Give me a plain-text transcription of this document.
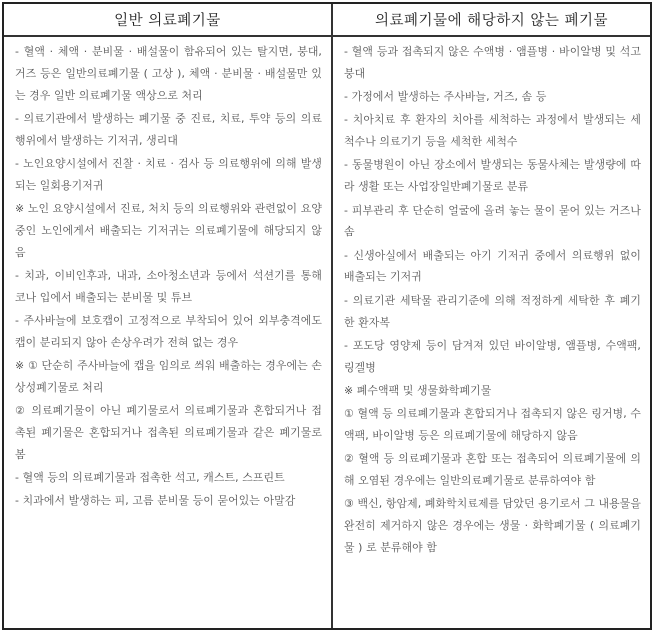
일반 의료폐기물	의료폐기물에 해당하지 않는 폐기물

- 혈액 · 체액 · 분비물 · 배설물이 함유되어 있는 탈지면, 붕대, 거즈 등은 일반의료폐기물 ( 고상 ), 체액 · 분비물 · 배설물만 있는 경우 일반 의료폐기물 액상으로 처리

- 의료기관에서 발생하는 폐기물 중 진료, 치료, 투약 등의 의료행위에서 발생하는 기저귀, 생리대

- 노인요양시설에서 진찰 · 치료 · 검사 등 의료행위에 의해 발생되는 일회용기저귀

※ 노인 요양시설에서 진료, 처치 등의 의료행위와 관련없이 요양 중인 노인에게서 배출되는 기저귀는 의료폐기물에 해당되지 않음

- 치과, 이비인후과, 내과, 소아청소년과 등에서 석션기를 통해 코나 입에서 배출되는 분비물 및 튜브

- 주사바늘에 보호캡이 고정적으로 부착되어 있어 외부충격에도 캡이 분리되지 않아 손상우려가 전혀 없는 경우

※ ① 단순히 주사바늘에 캡을 임의로 씌워 배출하는 경우에는 손상성폐기물로 처리

② 의료폐기물이 아닌 폐기물로서 의료폐기물과 혼합되거나 접촉된 폐기물은 혼합되거나 접촉된 의료폐기물과 같은 폐기물로 봄

- 혈액 등의 의료폐기물과 접촉한 석고, 캐스트, 스프린트

- 치과에서 발생하는 피, 고름 분비물 등이 묻어있는 아말감

- 혈액 등과 접촉되지 않은 수액병 · 앰플병 · 바이알병 및 석고붕대

- 가정에서 발생하는 주사바늘, 거즈, 솜 등

- 치아치료 후 환자의 치아를 세척하는 과정에서 발생되는 세척수나 의료기기 등을 세척한 세척수

- 동물병원이 아닌 장소에서 발생되는 동물사체는 발생량에 따라 생활 또는 사업장일반폐기물로 분류

- 피부관리 후 단순히 얼굴에 올려 놓는 물이 묻어 있는 거즈나 솜

- 신생아실에서 배출되는 아기 기저귀 중에서 의료행위 없이 배출되는 기저귀

- 의료기관 세탁물 관리기준에 의해 적정하게 세탁한 후 폐기한 환자복

- 포도당 영양제 등이 담겨져 있던 바이알병, 앰플병, 수액팩, 링겔병

※ 폐수액팩 및 생물화학폐기물

① 혈액 등 의료폐기물과 혼합되거나 접촉되지 않은 링거병, 수액팩, 바이알병 등은 의료폐기물에 해당하지 않음

② 혈액 등 의료폐기물과 혼합 또는 접촉되어 의료폐기물에 의해 오염된 경우에는 일반의료폐기물로 분류하여야 함

③ 백신, 항암제, 폐화학치료제를 담았던 용기로서 그 내용물을 완전히 제거하지 않은 경우에는 생물 · 화학폐기물 ( 의료폐기물 ) 로 분류해야 함
